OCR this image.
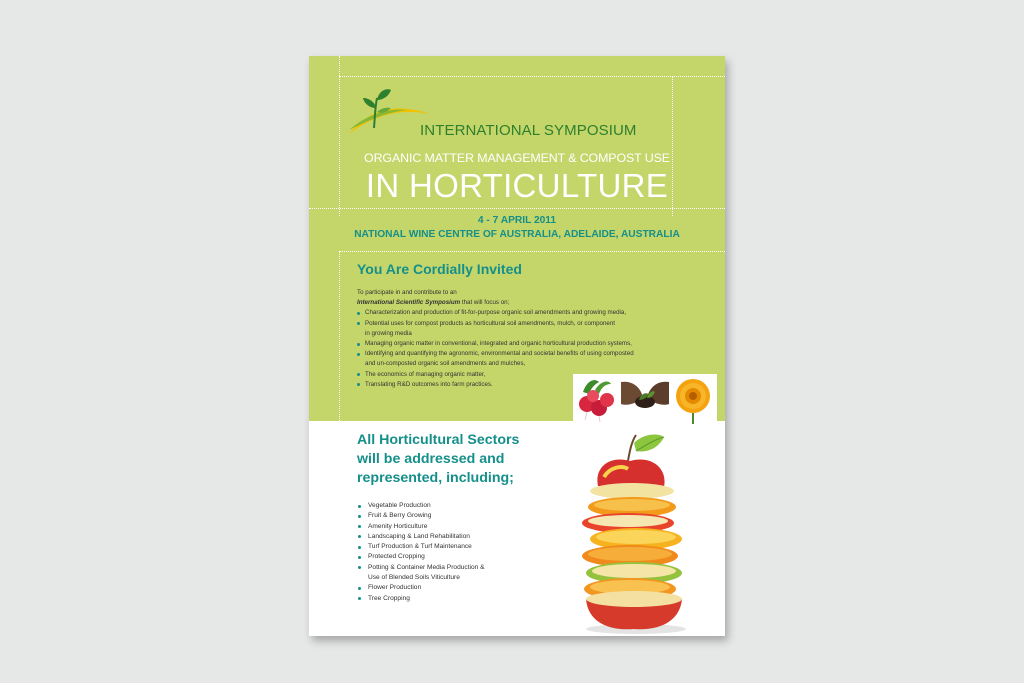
INTERNATIONAL SYMPOSIUM
ORGANIC MATTER MANAGEMENT & COMPOST USE
IN HORTICULTURE
4 - 7 APRIL 2011
NATIONAL WINE CENTRE OF AUSTRALIA, ADELAIDE, AUSTRALIA
You Are Cordially Invited

To participate in and contribute to an

International Scientific Symposium that will focus on;

Characterization and production of fit-for-purpose organic soil amendments and growing media,
Potential uses for compost products as horticultural soil amendments, mulch, or component
in growing media
Managing organic matter in conventional, integrated and organic horticultural production systems,
Identifying and quantifying the agronomic, environmental and societal benefits of using composted
and un-composted organic soil amendments and mulches,
The economics of managing organic matter,
Translating R&D outcomes into farm practices.
All Horticultural Sectors
will be addressed and
represented, including;
Vegetable Production
Fruit & Berry Growing
Amenity Horticulture
Landscaping & Land Rehabilitation
Turf Production & Turf Maintenance
Protected Cropping
Potting & Container Media Production &
Use of Blended Soils Viticulture
Flower Production
Tree Cropping
